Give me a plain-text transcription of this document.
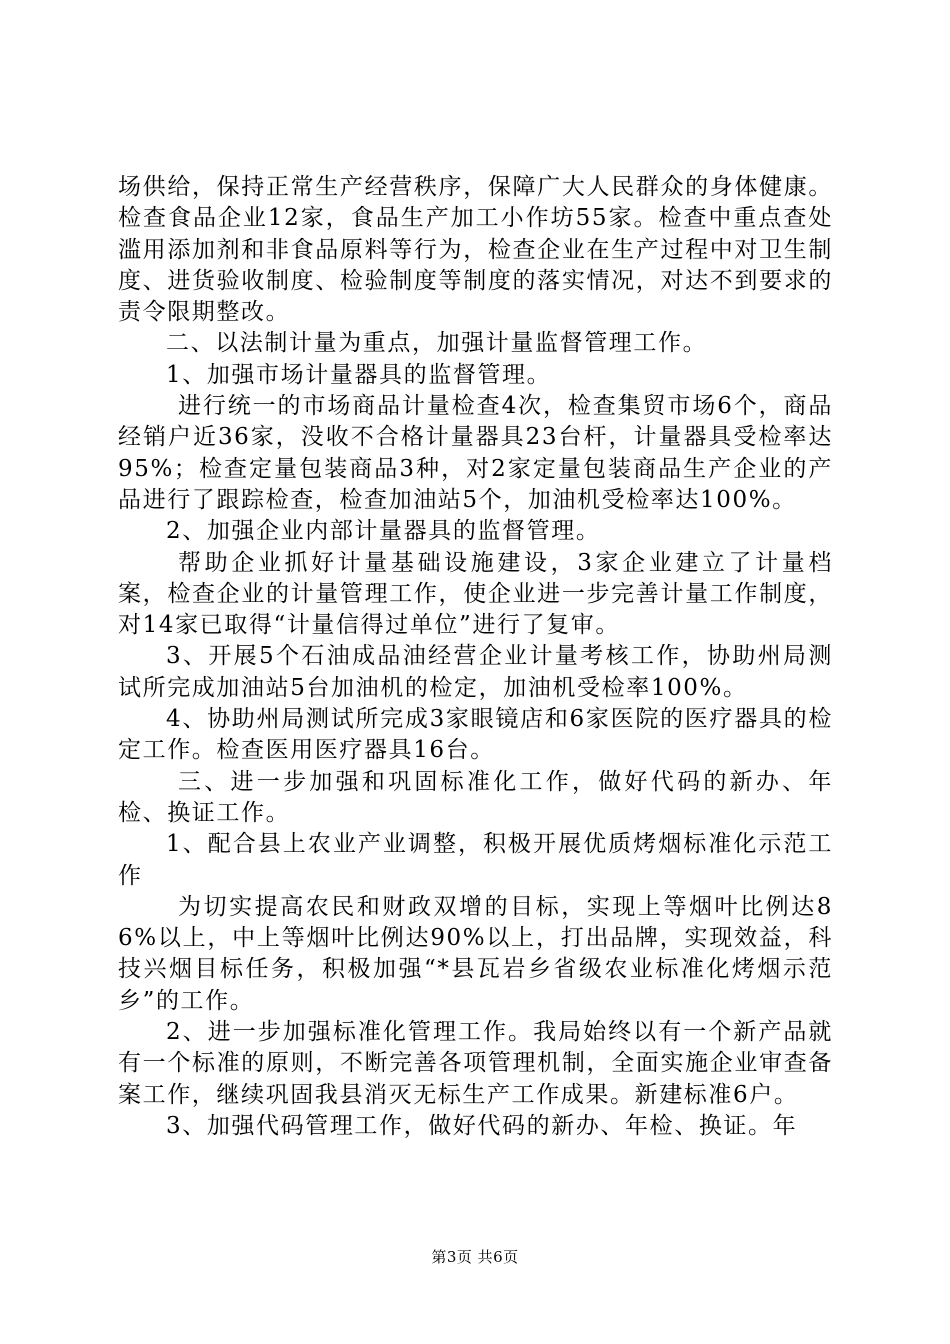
场供给，保持正常生产经营秩序，保障广大人民群众的身体健康。检查食品企业12家，食品生产加工小作坊55家。检查中重点查处滥用添加剂和非食品原料等行为，检查企业在生产过程中对卫生制度、进货验收制度、检验制度等制度的落实情况，对达不到要求的责令限期整改。

二、以法制计量为重点，加强计量监督管理工作。

1、加强市场计量器具的监督管理。

进行统一的市场商品计量检查4次，检查集贸市场6个，商品经销户近36家，没收不合格计量器具23台杆，计量器具受检率达95%；检查定量包装商品3种，对2家定量包装商品生产企业的产品进行了跟踪检查，检查加油站5个，加油机受检率达100%。

2、加强企业内部计量器具的监督管理。

帮助企业抓好计量基础设施建设，3家企业建立了计量档案，检查企业的计量管理工作，使企业进一步完善计量工作制度，对14家已取得“计量信得过单位”进行了复审。

3、开展5个石油成品油经营企业计量考核工作，协助州局测试所完成加油站5台加油机的检定，加油机受检率100%。

4、协助州局测试所完成3家眼镜店和6家医院的医疗器具的检定工作。检查医用医疗器具16台。

三、进一步加强和巩固标准化工作，做好代码的新办、年检、换证工作。

1、配合县上农业产业调整，积极开展优质烤烟标准化示范工作

为切实提高农民和财政双增的目标，实现上等烟叶比例达86%以上，中上等烟叶比例达90%以上，打出品牌，实现效益，科技兴烟目标任务，积极加强“*县瓦岩乡省级农业标准化烤烟示范乡”的工作。

2、进一步加强标准化管理工作。我局始终以有一个新产品就有一个标准的原则，不断完善各项管理机制，全面实施企业审查备案工作，继续巩固我县消灭无标生产工作成果。新建标准6户。

3、加强代码管理工作，做好代码的新办、年检、换证。年

第3页 共6页
